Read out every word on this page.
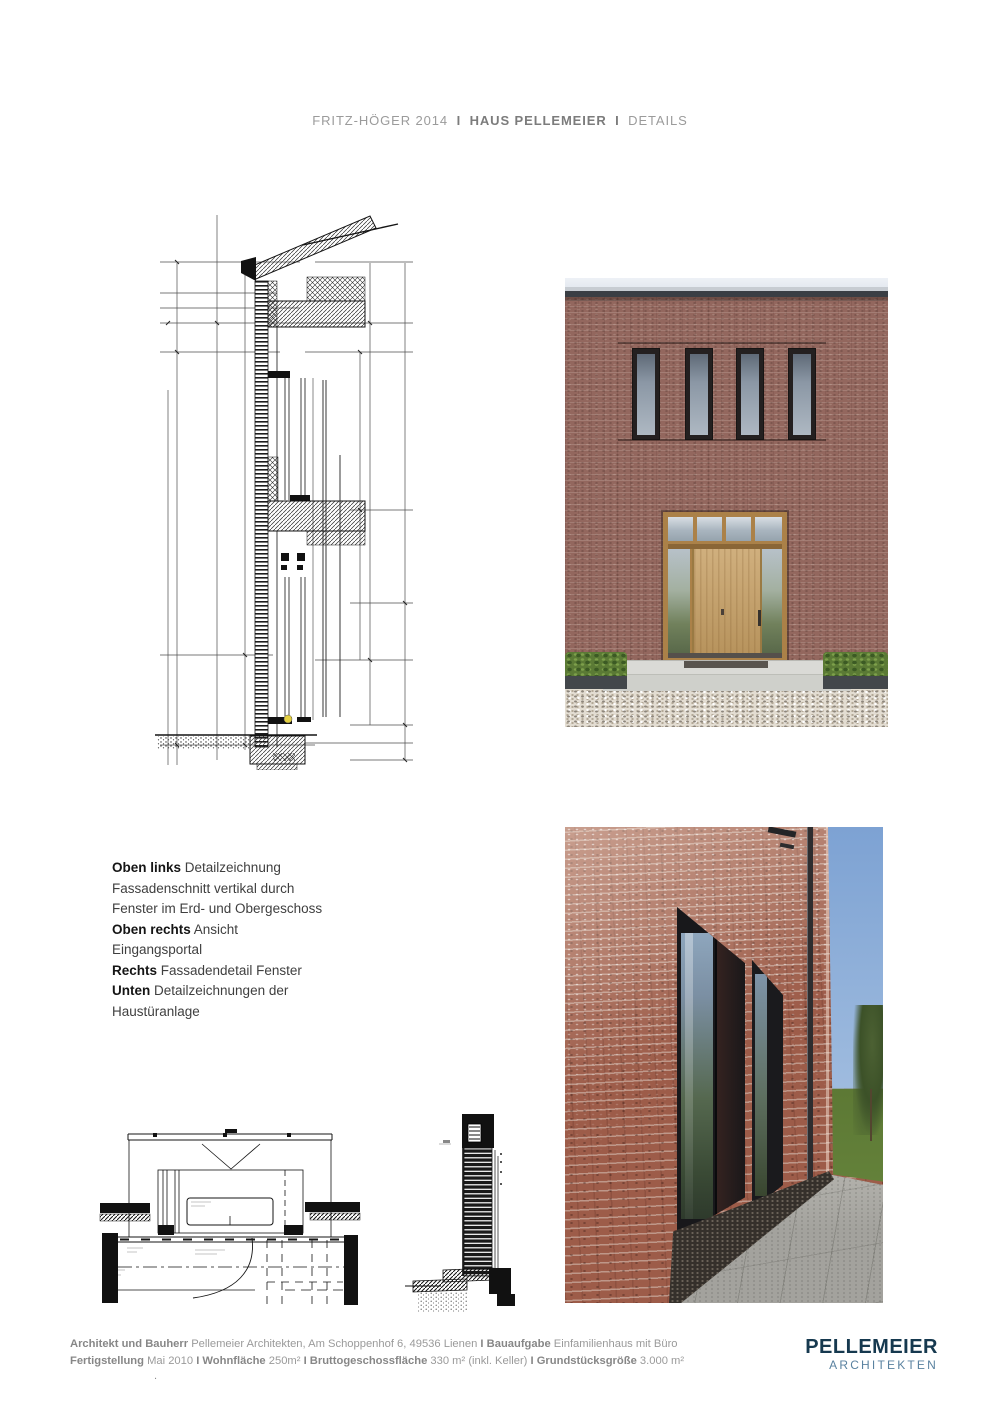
FRITZ-HÖGER 2014 I HAUS PELLEMEIER I DETAILS
Oben links Detailzeichnung
Fassadenschnitt vertikal durch
Fenster im Erd- und Obergeschoss
Oben rechts Ansicht
Eingangsportal
Rechts Fassadendetail Fenster
Unten Detailzeichnungen der
Haustüranlage
Architekt und Bauherr Pellemeier Architekten, Am Schoppenhof 6, 49536 Lienen I Bauaufgabe Einfamilienhaus mit Büro
Fertigstellung Mai 2010 I Wohnfläche 250m² I Bruttogeschossfläche 330 m² (inkl. Keller) I Grundstücksgröße 3.000 m²
.
PELLEMEIER
ARCHITEKTEN
